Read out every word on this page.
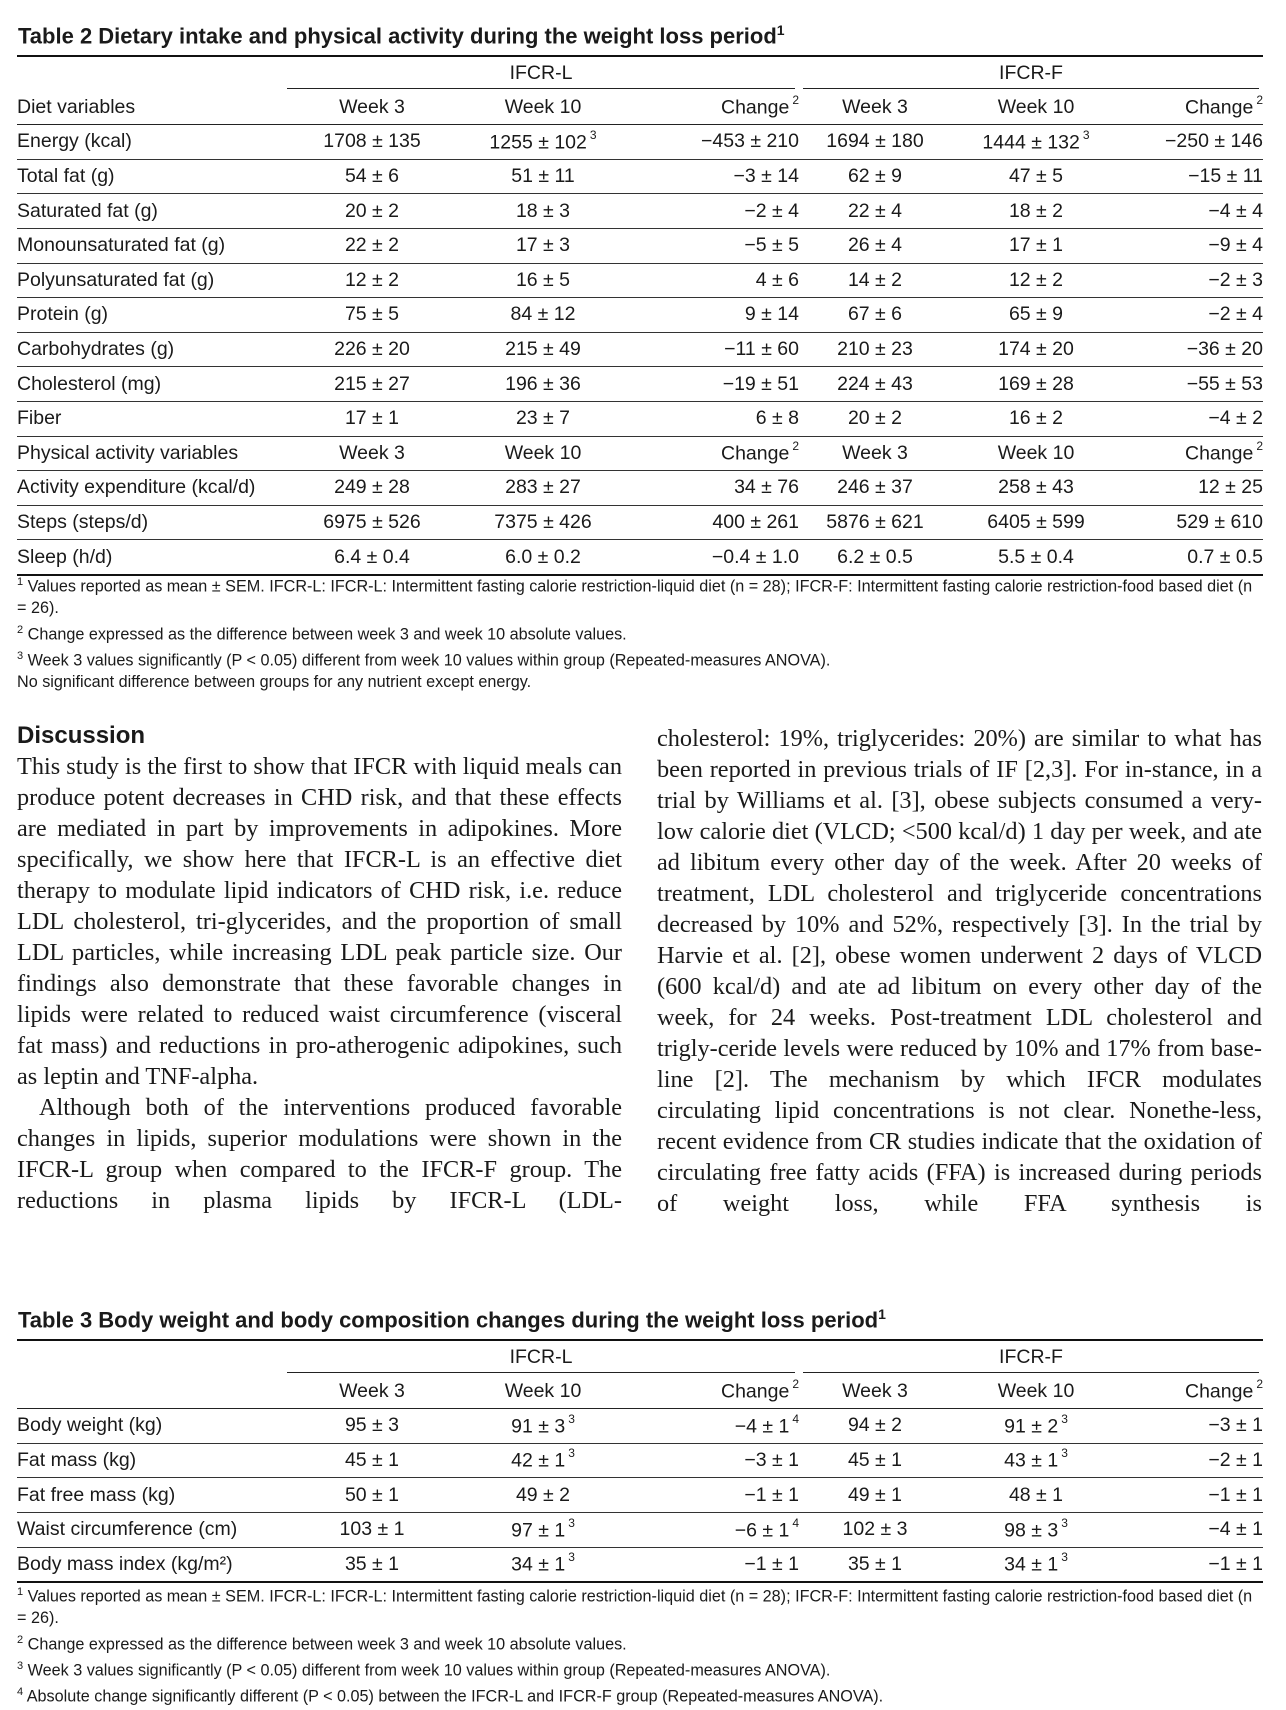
Table 2 Dietary intake and physical activity during the weight loss period$^1$

	IFCR-L			IFCR-F		

Diet variables	Week 3	Week 10	Change $^2$	Week 3	Week 10	Change $^2$
Energy (kcal)	1708 ± 135	1255 ± 102 $^3$	−453 ± 210	1694 ± 180	1444 ± 132 $^3$	−250 ± 146
Total fat (g)	54 ± 6	51 ± 11	−3 ± 14	62 ± 9	47 ± 5	−15 ± 11
Saturated fat (g)	20 ± 2	18 ± 3	−2 ± 4	22 ± 4	18 ± 2	−4 ± 4
Monounsaturated fat (g)	22 ± 2	17 ± 3	−5 ± 5	26 ± 4	17 ± 1	−9 ± 4
Polyunsaturated fat (g)	12 ± 2	16 ± 5	4 ± 6	14 ± 2	12 ± 2	−2 ± 3
Protein (g)	75 ± 5	84 ± 12	9 ± 14	67 ± 6	65 ± 9	−2 ± 4
Carbohydrates (g)	226 ± 20	215 ± 49	−11 ± 60	210 ± 23	174 ± 20	−36 ± 20
Cholesterol (mg)	215 ± 27	196 ± 36	−19 ± 51	224 ± 43	169 ± 28	−55 ± 53
Fiber	17 ± 1	23 ± 7	6 ± 8	20 ± 2	16 ± 2	−4 ± 2
Physical activity variables	Week 3	Week 10	Change $^2$	Week 3	Week 10	Change $^2$
Activity expenditure (kcal/d)	249 ± 28	283 ± 27	34 ± 76	246 ± 37	258 ± 43	12 ± 25
Steps (steps/d)	6975 ± 526	7375 ± 426	400 ± 261	5876 ± 621	6405 ± 599	529 ± 610
Sleep (h/d)	6.4 ± 0.4	6.0 ± 0.2	−0.4 ± 1.0	6.2 ± 0.5	5.5 ± 0.4	0.7 ± 0.5
$^1$ Values reported as mean ± SEM. IFCR-L: IFCR-L: Intermittent fasting calorie restriction-liquid diet (n = 28); IFCR-F: Intermittent fasting calorie restriction-food based diet (n = 26).
$^2$ Change expressed as the difference between week 3 and week 10 absolute values.
$^3$ Week 3 values significantly (P < 0.05) different from week 10 values within group (Repeated-measures ANOVA).
No significant difference between groups for any nutrient except energy.
Discussion

This study is the first to show that IFCR with liquid meals can produce potent decreases in CHD risk, and that these effects are mediated in part by improvements in adipokines. More specifically, we show here that IFCR-L is an effective diet therapy to modulate lipid indicators of CHD risk, i.e. reduce LDL cholesterol, tri-glycerides, and the proportion of small LDL particles, while increasing LDL peak particle size. Our findings also demonstrate that these favorable changes in lipids were related to reduced waist circumference (visceral fat mass) and reductions in pro-atherogenic adipokines, such as leptin and TNF-alpha.

Although both of the interventions produced favorable changes in lipids, superior modulations were shown in the IFCR-L group when compared to the IFCR-F group. The reductions in plasma lipids by IFCR-L (LDL-

cholesterol: 19%, triglycerides: 20%) are similar to what has been reported in previous trials of IF [2,3]. For in-stance, in a trial by Williams et al. [3], obese subjects consumed a very-low calorie diet (VLCD; <500 kcal/d) 1 day per week, and ate ad libitum every other day of the week. After 20 weeks of treatment, LDL cholesterol and triglyceride concentrations decreased by 10% and 52%, respectively [3]. In the trial by Harvie et al. [2], obese women underwent 2 days of VLCD (600 kcal/d) and ate ad libitum on every other day of the week, for 24 weeks. Post-treatment LDL cholesterol and trigly-ceride levels were reduced by 10% and 17% from base-line [2]. The mechanism by which IFCR modulates circulating lipid concentrations is not clear. Nonethe-less, recent evidence from CR studies indicate that the oxidation of circulating free fatty acids (FFA) is increased during periods of weight loss, while FFA synthesis is

Table 3 Body weight and body composition changes during the weight loss period$^1$

	IFCR-L			IFCR-F		

	Week 3	Week 10	Change $^2$	Week 3	Week 10	Change $^2$
Body weight (kg)	95 ± 3	91 ± 3 $^3$	−4 ± 1 $^4$	94 ± 2	91 ± 2 $^3$	−3 ± 1
Fat mass (kg)	45 ± 1	42 ± 1 $^3$	−3 ± 1	45 ± 1	43 ± 1 $^3$	−2 ± 1
Fat free mass (kg)	50 ± 1	49 ± 2	−1 ± 1	49 ± 1	48 ± 1	−1 ± 1
Waist circumference (cm)	103 ± 1	97 ± 1 $^3$	−6 ± 1 $^4$	102 ± 3	98 ± 3 $^3$	−4 ± 1
Body mass index (kg/m²)	35 ± 1	34 ± 1 $^3$	−1 ± 1	35 ± 1	34 ± 1 $^3$	−1 ± 1
$^1$ Values reported as mean ± SEM. IFCR-L: IFCR-L: Intermittent fasting calorie restriction-liquid diet (n = 28); IFCR-F: Intermittent fasting calorie restriction-food based diet (n = 26).
$^2$ Change expressed as the difference between week 3 and week 10 absolute values.
$^3$ Week 3 values significantly (P < 0.05) different from week 10 values within group (Repeated-measures ANOVA).
$^4$ Absolute change significantly different (P < 0.05) between the IFCR-L and IFCR-F group (Repeated-measures ANOVA).
